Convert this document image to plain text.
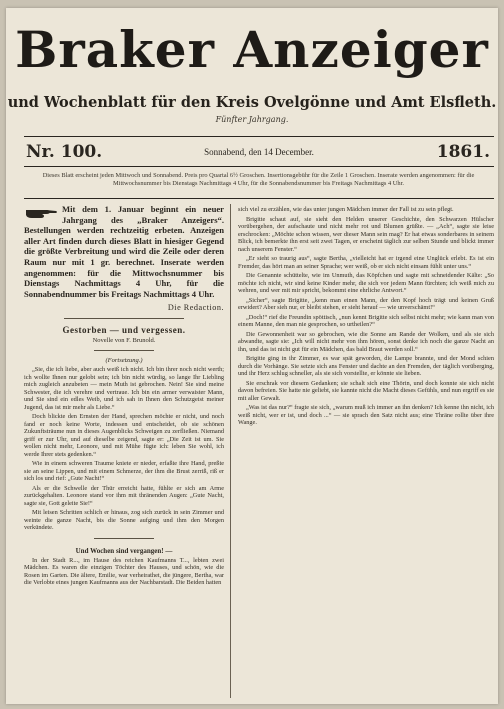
Braker Anzeiger
und Wochenblatt für den Kreis Ovelgönne und Amt Elsfleth.
Fünfter Jahrgang.
Nr. 100.	Sonnabend, den 14 December.	1861.
Dieses Blatt erscheint jeden Mittwoch und Sonnabend. Preis pro Quartal 6½ Groschen. Insertionsgebühr für die Zeile 1 Groschen. Inserate werden angenommen: für die Mittwochsnummer bis Dienstags Nachmittags 4 Uhr, für die Sonnabendsnummer bis Freitags Nachmittags 4 Uhr.
Mit dem 1. Januar beginnt ein neuer Jahrgang des „Braker Anzeigers“. Bestellungen werden rechtzeitig erbeten. Anzeigen aller Art finden durch dieses Blatt in hiesiger Gegend die größte Verbreitung und wird die Zeile oder deren Raum nur mit 1 gr. berechnet. Inserate werden angenommen: für die Mittwochsnummer bis Dienstags Nachmittags 4 Uhr, für die Sonnabendnummer bis Freitags Nachmittags 4 Uhr.
Die Redaction.
Gestorben — und vergessen.
Novelle von F. Brunold.
(Fortsetzung.)
„Sie, die ich liebe, aber auch weiß ich nicht. Ich bin ihrer noch nicht werth; ich wollte Ihnen nur gelobt sein; ich bin nicht würdig, so lange Ihr Liebling mich zugleich anzubeten — mein Muth ist gebrochen. Nein! Sie sind meine Schwester, die ich verehre und vertraue. Ich bin ein armer verwaister Mann, und Sie sind ein edles Weib, und ich sah in Ihnen den Schutzgeist meiner Jugend, das ist mir mehr als Liebe.“
Doch blickte den Ernsten der Hand, sprechen möchte er nicht, und noch fand er noch keine Worte, indessen und entscheidet, ob sie schönen Zukunftsträume nun in dieses Augenblicks Schweigen zu zerfließen. Niemand griff er zur Uhr, und auf dieselbe zeigend, sagte er: „Die Zeit ist um. Sie wollen nicht mehr, Leonore, und mit Mühe fügte ich: leben Sie wohl, ich werde Ihrer stets gedenken.“
Wie in einem schweren Traume kniete er nieder, erfaßte ihre Hand, preßte sie an seine Lippen, und mit einem Schmerze, der ihm die Brust zerriß, riß er sich los und rief: „Gute Nacht!“
Als er die Schwelle der Thür erreicht hatte, fühlte er sich am Arme zurückgehalten. Leonore stand vor ihm mit thränenden Augen: „Gute Nacht, sagte sie, Gott geleite Sie!“
Mit leisen Schritten schlich er hinaus, zog sich zurück in sein Zimmer und weinte die ganze Nacht, bis die Sonne aufging und ihm den Morgen verkündete.
Und Wochen sind vergangen! —
In der Stadt R..., im Hause des reichen Kaufmanns T..., lebten zwei Mädchen. Es waren die einzigen Töchter des Hauses, und schön, wie die Rosen im Garten. Die ältere, Emilie, war verheirathet, die jüngere, Bertha, war die Verlobte eines jungen Kaufmanns aus der Nachbarstadt. Die Beiden hatten
sich viel zu erzählen, wie das unter jungen Mädchen immer der Fall ist zu sein pflegt.
Brigitte schaut auf, sie sieht den Helden unserer Geschichte, den Schwarzen Hülscher vorübergehen, der aufschaute und nicht mehr rot und Blumen grüßte. — „Ach“, sagte sie leise erschrocken: „Möchte schon wissen, wer dieser Mann sein mag? Er hat etwas sonderbares in seinem Blick, ich bemerkte ihn erst seit zwei Tagen, er erscheint täglich zur selben Stunde und blickt immer nach unserem Fenster.“
„Er sieht so traurig aus“, sagte Bertha, „vielleicht hat er irgend eine Unglück erlebt. Es ist ein Fremder, das hört man an seiner Sprache; wer weiß, ob er sich nicht einsam fühlt unter uns.“
Die Genannte schüttelte, wie im Unmuth, das Köpfchen und sagte mit schneidender Kälte: „So möchte ich nicht, wir sind keine Kinder mehr, die sich vor jedem Mann fürchten; ich weiß mich zu wehren, und wer mit mir spricht, bekommt eine ehrliche Antwort.“
„Sicher“, sagte Brigitte, „kenn man einen Mann, der den Kopf hoch trägt und keinen Gruß erwidert? Aber sieh nur, er bleibt stehen, er sieht herauf — wie unverschämt!“
„Doch!“ rief die Freundin spöttisch, „nun kennt Brigitte sich selbst nicht mehr; wie kann man von einem Manne, den man nie gesprochen, so urtheilen?“
Die Gewonnenheit war so gebrochen, wie die Sonne am Rande der Wolken, und als sie sich abwandte, sagte sie: „Ich will nicht mehr von ihm hören, sonst denke ich noch die ganze Nacht an ihn, und das ist nicht gut für ein Mädchen, das bald Braut werden soll.“
Brigitte ging in ihr Zimmer, es war spät geworden, die Lampe brannte, und der Mond schien durch die Vorhänge. Sie setzte sich ans Fenster und dachte an den Fremden, der täglich vorüberging, und ihr Herz schlug schneller, als sie sich vorstellte, er könnte sie lieben.
Sie erschrak vor diesem Gedanken; sie schalt sich eine Thörin, und doch konnte sie sich nicht davon befreien. Sie hatte nie geliebt, sie kannte nicht die Macht dieses Gefühls, und nun ergriff es sie mit aller Gewalt.
„Was ist das nur?“ fragte sie sich, „warum muß ich immer an ihn denken? Ich kenne ihn nicht, ich weiß nicht, wer er ist, und doch ...“ — sie sprach den Satz nicht aus; eine Thräne rollte über ihre Wange.
